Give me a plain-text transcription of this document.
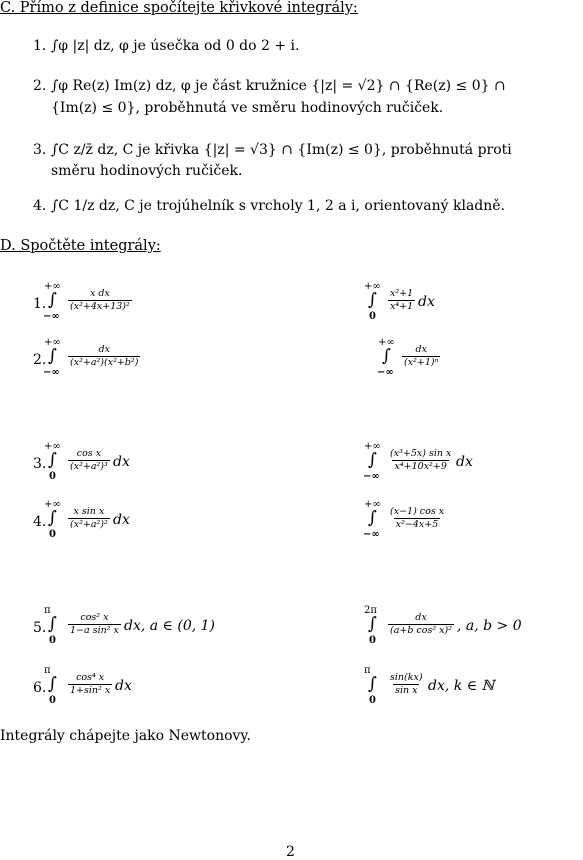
C. Přímo z definice spočítejte křivkové integrály:
1. ∫φ |z| dz, φ je úsečka od 0 do 2 + i.
2. ∫φ Re(z) Im(z) dz, φ je část kružnice {|z| = √2} ∩ {Re(z) ≤ 0} ∩
{Im(z) ≤ 0}, proběhnutá ve směru hodinových ručiček.
3. ∫C z/z̄ dz, C je křivka {|z| = √3} ∩ {Im(z) ≤ 0}, proběhnutá proti
směru hodinových ručiček.
4. ∫C 1/z dz, C je trojúhelník s vrcholy 1, 2 a i, orientovaný kladně.
D. Spočtěte integrály:
1.
+∞
∫
−∞
$\frac{\text{x dx}}{\text{(x²+4x+13)²}}$
+∞
∫
0
$\frac{\text{x²+1}}{\text{x⁴+1}}$ dx
2.
+∞
∫
−∞
$\frac{dx}{\text{(x²+a²)(x²+b²)}}$
+∞
∫
−∞
$\frac{dx}{\text{(x²+1)ⁿ}}$
3.
+∞
∫
0
$\frac{\text{cos x}}{\text{(x²+a²)³}}$ dx
+∞
∫
−∞
$\frac{\text{(x³+5x) sin x}}{\text{x⁴+10x²+9}}$ dx
4.
+∞
∫
0
$\frac{\text{x sin x}}{\text{(x²+a²)²}}$ dx
+∞
∫
−∞
$\frac{\text{(x−1) cos x}}{\text{x²−4x+5}}$
5.
π
∫
0
$\frac{\text{cos² x}}{\text{1−a sin² x}}$ dx, a ∈ (0, 1)
2π
∫
0
$\frac{dx}{\text{(a+b cos² x)²}}$ , a, b > 0
6.
π
∫
0
$\frac{\text{cos⁴ x}}{\text{1+sin² x}}$ dx
π
∫
0
$\frac{\sin(kx)}{\text{sin x}}$ dx, k ∈ ℕ
Integrály chápejte jako Newtonovy.
2
